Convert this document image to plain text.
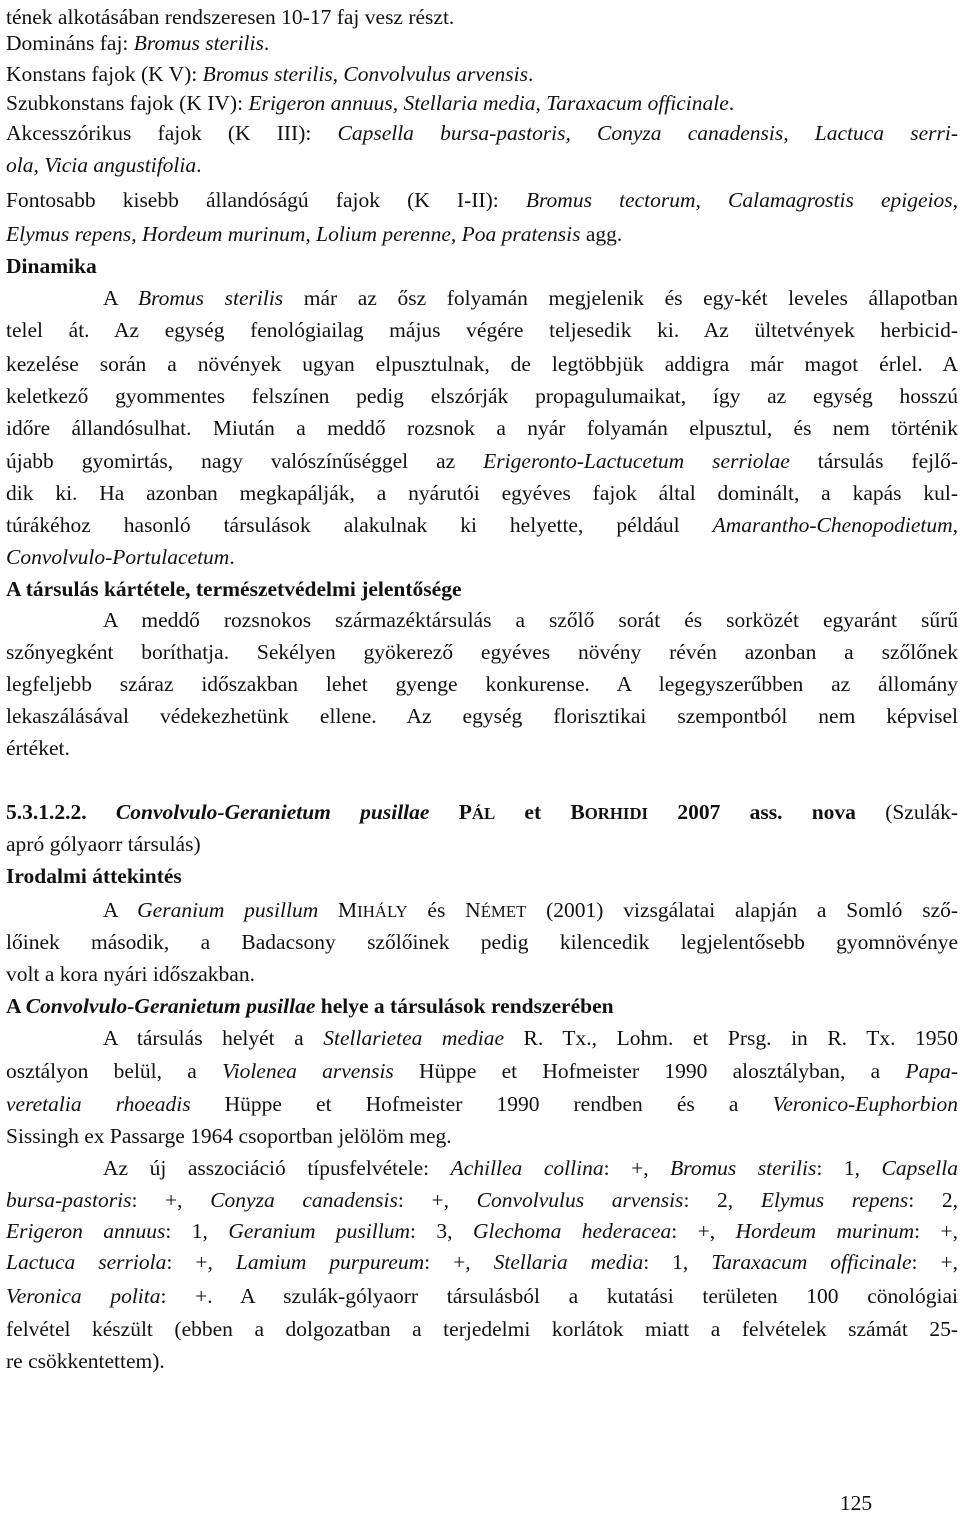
tének alkotásában rendszeresen 10-17 faj vesz részt.
Domináns faj: Bromus sterilis.
Konstans fajok (K V): Bromus sterilis, Convolvulus arvensis.
Szubkonstans fajok (K IV): Erigeron annuus, Stellaria media, Taraxacum officinale.
Akcesszórikus fajok (K III): Capsella bursa-pastoris, Conyza canadensis, Lactuca serri-
ola, Vicia angustifolia.
Fontosabb kisebb állandóságú fajok (K I-II): Bromus tectorum, Calamagrostis epigeios,
Elymus repens, Hordeum murinum, Lolium perenne, Poa pratensis agg.
Dinamika
A Bromus sterilis már az ősz folyamán megjelenik és egy-két leveles állapotban
telel át. Az egység fenológiailag május végére teljesedik ki. Az ültetvények herbicid-
kezelése során a növények ugyan elpusztulnak, de legtöbbjük addigra már magot érlel. A
keletkező gyommentes felszínen pedig elszórják propagulumaikat, így az egység hosszú
időre állandósulhat. Miután a meddő rozsnok a nyár folyamán elpusztul, és nem történik
újabb gyomirtás, nagy valószínűséggel az Erigeronto-Lactucetum serriolae társulás fejlő-
dik ki. Ha azonban megkapálják, a nyárutói egyéves fajok által dominált, a kapás kul-
túrákéhoz hasonló társulások alakulnak ki helyette, például Amarantho-Chenopodietum,
Convolvulo-Portulacetum.
A társulás kártétele, természetvédelmi jelentősége
A meddő rozsnokos származéktársulás a szőlő sorát és sorközét egyaránt sűrű
szőnyegként boríthatja. Sekélyen gyökerező egyéves növény révén azonban a szőlőnek
legfeljebb száraz időszakban lehet gyenge konkurense. A legegyszerűbben az állomány
lekaszálásával védekezhetünk ellene. Az egység florisztikai szempontból nem képvisel
értéket.
5.3.1.2.2. Convolvulo-Geranietum pusillae PÁL et BORHIDI 2007 ass. nova (Szulák-
apró gólyaorr társulás)
Irodalmi áttekintés
A Geranium pusillum MIHÁLY és NÉMET (2001) vizsgálatai alapján a Somló sző-
lőinek második, a Badacsony szőlőinek pedig kilencedik legjelentősebb gyomnövénye
volt a kora nyári időszakban.
A Convolvulo-Geranietum pusillae helye a társulások rendszerében
A társulás helyét a Stellarietea mediae R. Tx., Lohm. et Prsg. in R. Tx. 1950
osztályon belül, a Violenea arvensis Hüppe et Hofmeister 1990 alosztályban, a Papa-
veretalia rhoeadis Hüppe et Hofmeister 1990 rendben és a Veronico-Euphorbion
Sissingh ex Passarge 1964 csoportban jelölöm meg.
Az új asszociáció típusfelvétele: Achillea collina: +, Bromus sterilis: 1, Capsella
bursa-pastoris: +, Conyza canadensis: +, Convolvulus arvensis: 2, Elymus repens: 2,
Erigeron annuus: 1, Geranium pusillum: 3, Glechoma hederacea: +, Hordeum murinum: +,
Lactuca serriola: +, Lamium purpureum: +, Stellaria media: 1, Taraxacum officinale: +,
Veronica polita: +. A szulák-gólyaorr társulásból a kutatási területen 100 cönológiai
felvétel készült (ebben a dolgozatban a terjedelmi korlátok miatt a felvételek számát 25-
re csökkentettem).
125
